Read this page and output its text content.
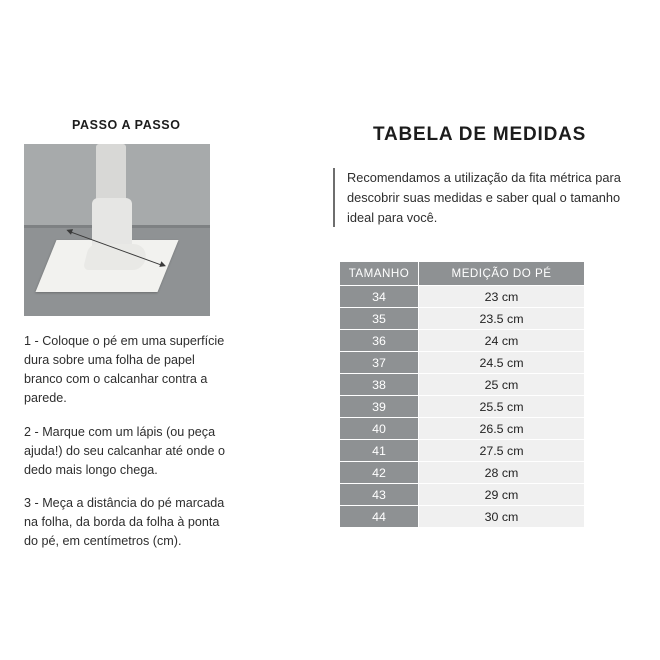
PASSO A PASSO

1 - Coloque o pé em uma superfície dura sobre uma folha de papel branco com o calcanhar contra a parede.

2 - Marque com um lápis (ou peça ajuda!) do seu calcanhar até onde o dedo mais longo chega.

3 - Meça a distância do pé marcada na folha, da borda da folha à ponta do pé, em centímetros (cm).

TABELA DE MEDIDAS
Recomendamos a utilização da fita métrica para descobrir suas medidas e saber qual o tamanho ideal para você.
TAMANHO	MEDIÇÃO DO PÉ
34	23 cm
35	23.5 cm
36	24 cm
37	24.5 cm
38	25 cm
39	25.5 cm
40	26.5 cm
41	27.5 cm
42	28 cm
43	29 cm
44	30 cm
